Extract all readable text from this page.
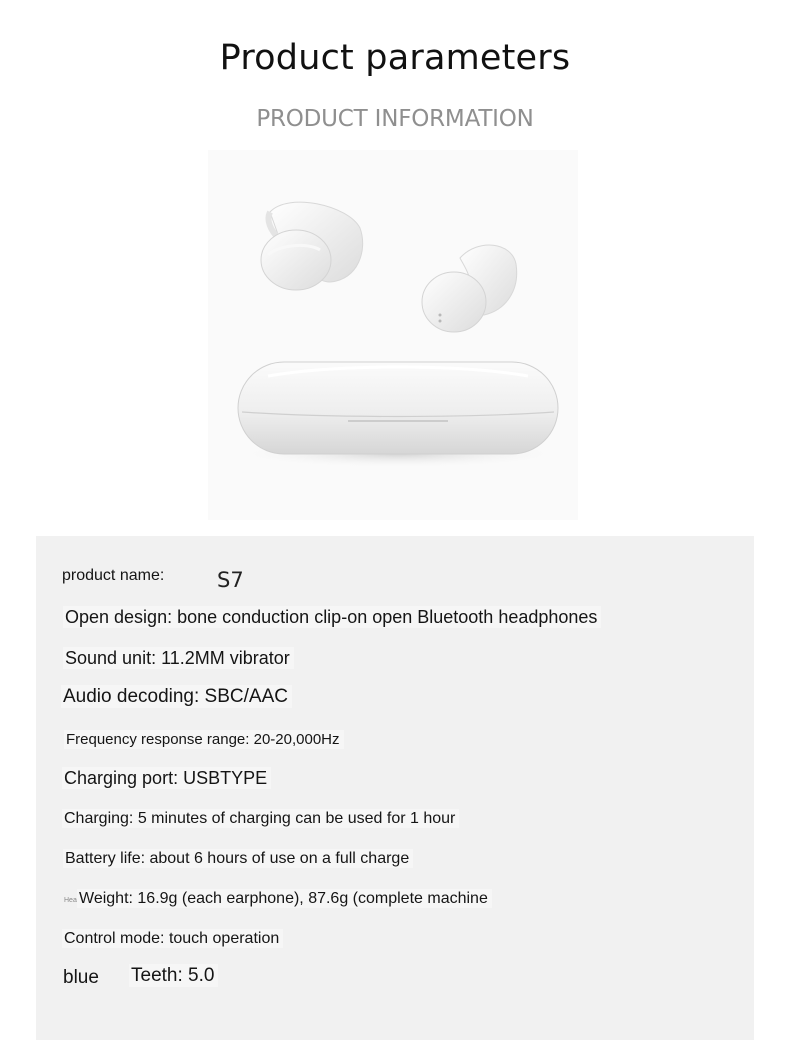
Product parameters
PRODUCT INFORMATION
product name:	S7
Open design: bone conduction clip-on open Bluetooth headphones
Sound unit: 11.2MM vibrator
Audio decoding: SBC/AAC
Frequency response range: 20-20,000Hz
Charging port: USBTYPE
Charging: 5 minutes of charging can be used for 1 hour
Battery life: about 6 hours of use on a full charge
Hea Weight: 16.9g (each earphone), 87.6g (complete machine
Control mode: touch operation
blue Teeth: 5.0
